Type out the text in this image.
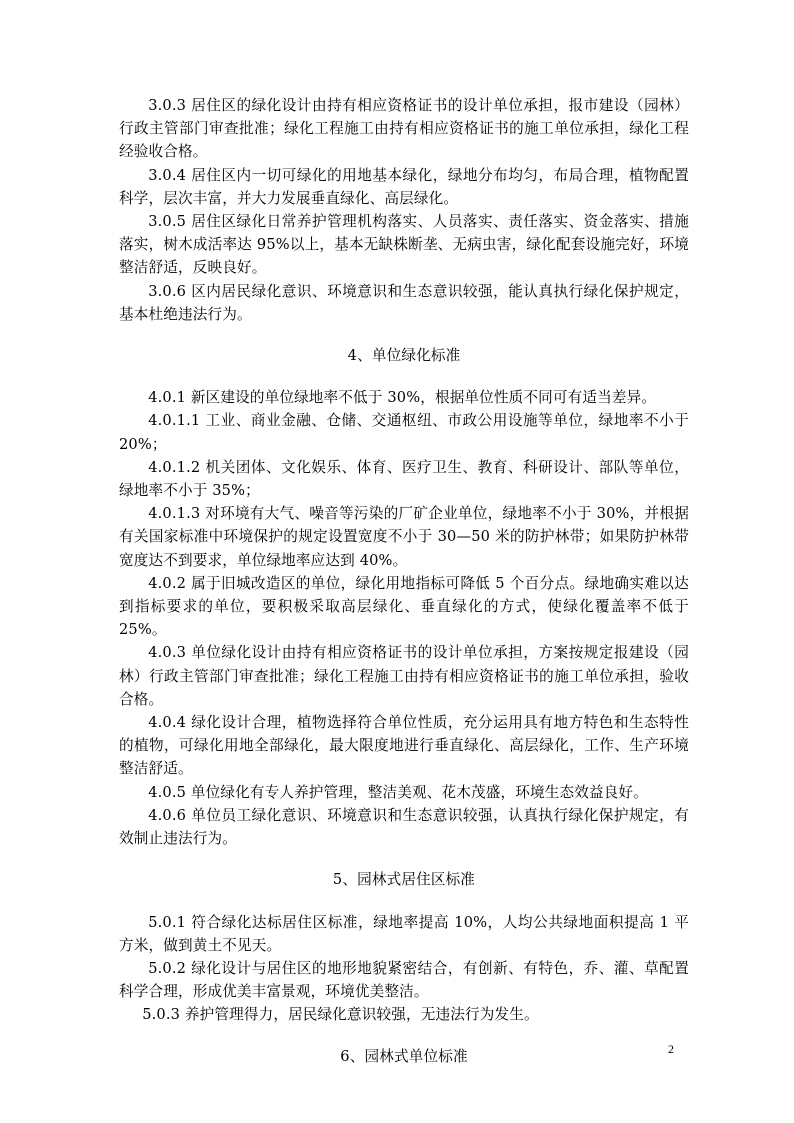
3.0.3 居住区的绿化设计由持有相应资格证书的设计单位承担，报市建设（园林）行政主管部门审查批准；绿化工程施工由持有相应资格证书的施工单位承担，绿化工程经验收合格。

3.0.4 居住区内一切可绿化的用地基本绿化，绿地分布均匀，布局合理，植物配置科学，层次丰富，并大力发展垂直绿化、高层绿化。

3.0.5 居住区绿化日常养护管理机构落实、人员落实、责任落实、资金落实、措施落实，树木成活率达 95%以上，基本无缺株断垄、无病虫害，绿化配套设施完好，环境整洁舒适，反映良好。

3.0.6 区内居民绿化意识、环境意识和生态意识较强，能认真执行绿化保护规定，基本杜绝违法行为。

4、单位绿化标准

4.0.1 新区建设的单位绿地率不低于 30%，根据单位性质不同可有适当差异。

4.0.1.1 工业、商业金融、仓储、交通枢纽、市政公用设施等单位，绿地率不小于 20%；

4.0.1.2 机关团体、文化娱乐、体育、医疗卫生、教育、科研设计、部队等单位，绿地率不小于 35%；

4.0.1.3 对环境有大气、噪音等污染的厂矿企业单位，绿地率不小于 30%，并根据有关国家标准中环境保护的规定设置宽度不小于 30—50 米的防护林带；如果防护林带宽度达不到要求，单位绿地率应达到 40%。

4.0.2 属于旧城改造区的单位，绿化用地指标可降低 5 个百分点。绿地确实难以达到指标要求的单位，要积极采取高层绿化、垂直绿化的方式，使绿化覆盖率不低于 25%。

4.0.3 单位绿化设计由持有相应资格证书的设计单位承担，方案按规定报建设（园林）行政主管部门审查批准；绿化工程施工由持有相应资格证书的施工单位承担，验收合格。

4.0.4 绿化设计合理，植物选择符合单位性质，充分运用具有地方特色和生态特性的植物，可绿化用地全部绿化，最大限度地进行垂直绿化、高层绿化，工作、生产环境整洁舒适。

4.0.5 单位绿化有专人养护管理，整洁美观、花木茂盛，环境生态效益良好。

4.0.6 单位员工绿化意识、环境意识和生态意识较强，认真执行绿化保护规定，有效制止违法行为。

5、园林式居住区标准

5.0.1 符合绿化达标居住区标准，绿地率提高 10%，人均公共绿地面积提高 1 平方米，做到黄土不见天。

5.0.2 绿化设计与居住区的地形地貌紧密结合，有创新、有特色，乔、灌、草配置科学合理，形成优美丰富景观，环境优美整洁。

5.0.3 养护管理得力，居民绿化意识较强，无违法行为发生。

6、园林式单位标准	2
